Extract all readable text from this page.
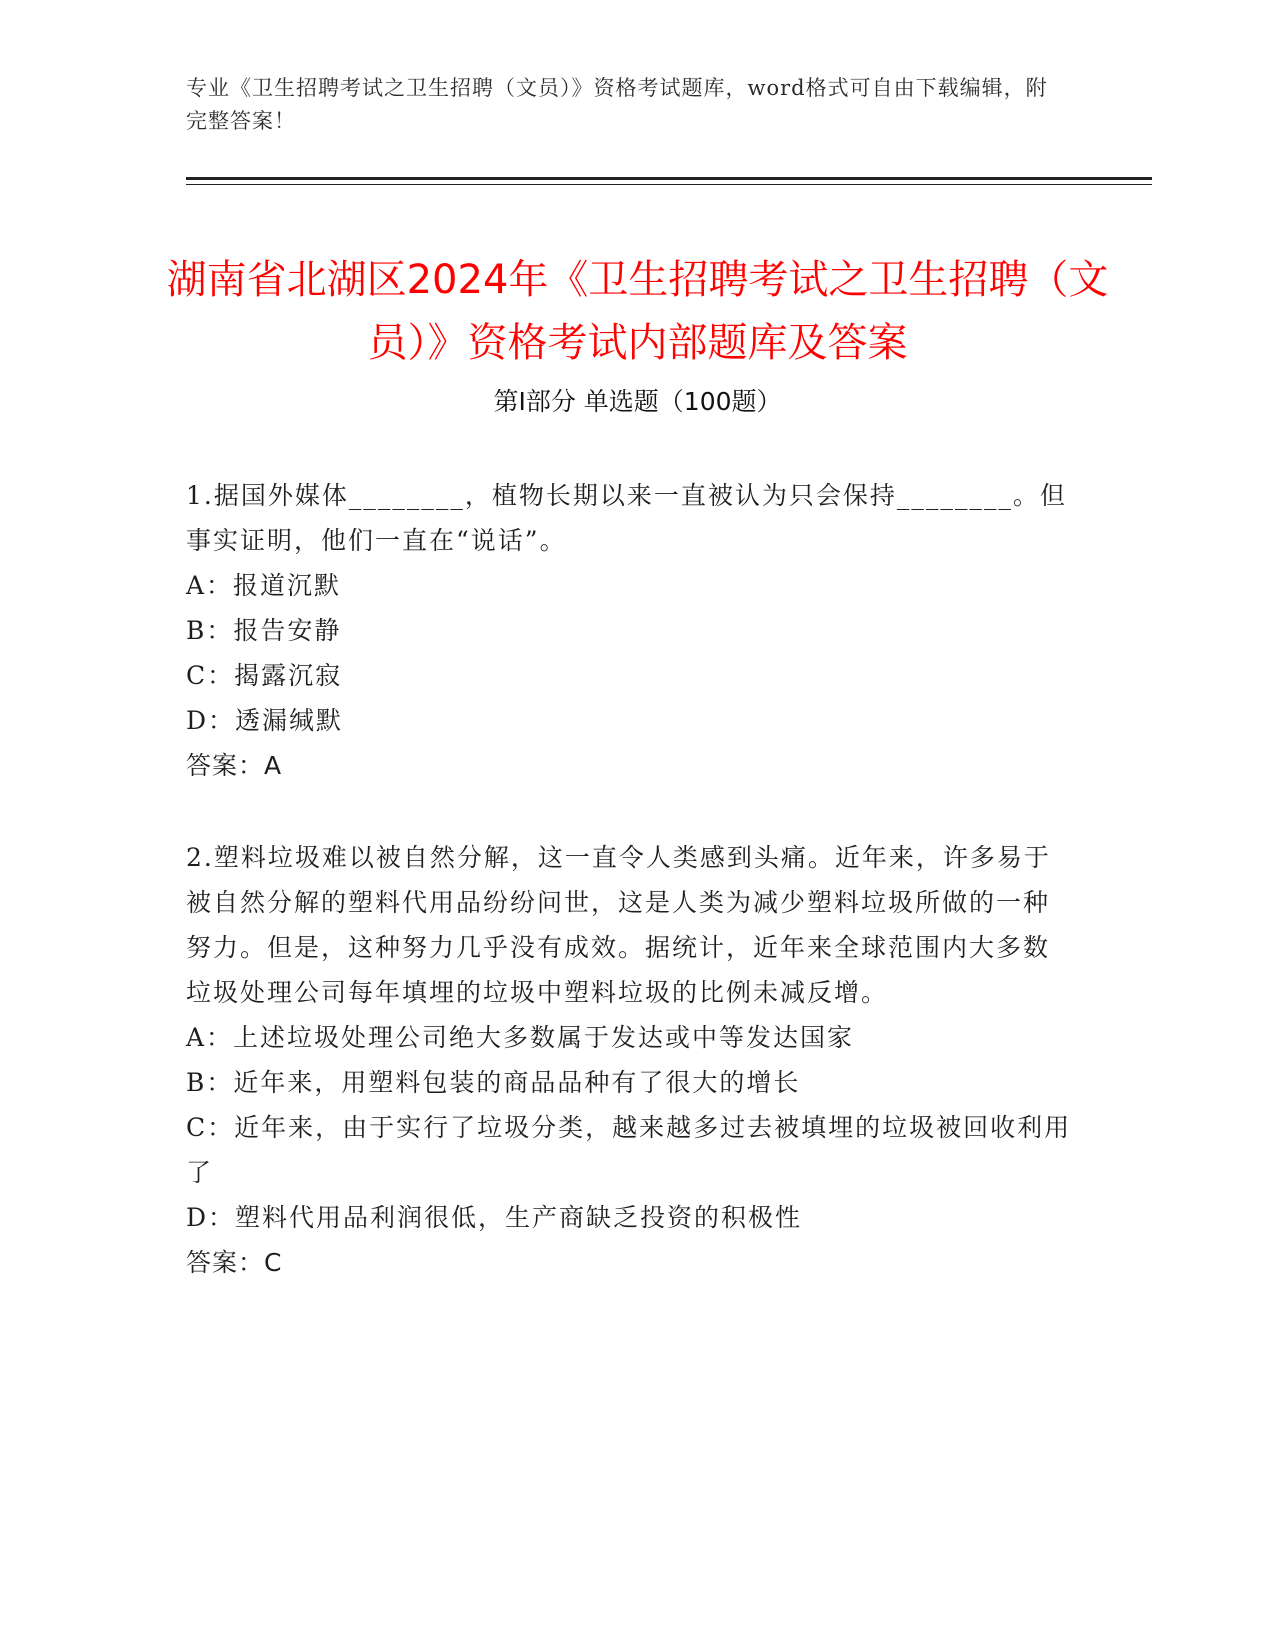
专业《卫生招聘考试之卫生招聘（文员）》资格考试题库，word格式可自由下载编辑，附完整答案！
湖南省北湖区2024年《卫生招聘考试之卫生招聘（文员）》资格考试内部题库及答案
第Ⅰ部分 单选题（100题）

1.据国外媒体________，植物长期以来一直被认为只会保持________。但事实证明，他们一直在“说话”。

A：报道沉默

B：报告安静

C：揭露沉寂

D：透漏缄默

答案：A

2.塑料垃圾难以被自然分解，这一直令人类感到头痛。近年来，许多易于被自然分解的塑料代用品纷纷问世，这是人类为减少塑料垃圾所做的一种努力。但是，这种努力几乎没有成效。据统计，近年来全球范围内大多数垃圾处理公司每年填埋的垃圾中塑料垃圾的比例未减反增。

A：上述垃圾处理公司绝大多数属于发达或中等发达国家

B：近年来，用塑料包装的商品品种有了很大的增长

C：近年来，由于实行了垃圾分类，越来越多过去被填埋的垃圾被回收利用了

D：塑料代用品利润很低，生产商缺乏投资的积极性

答案：C
